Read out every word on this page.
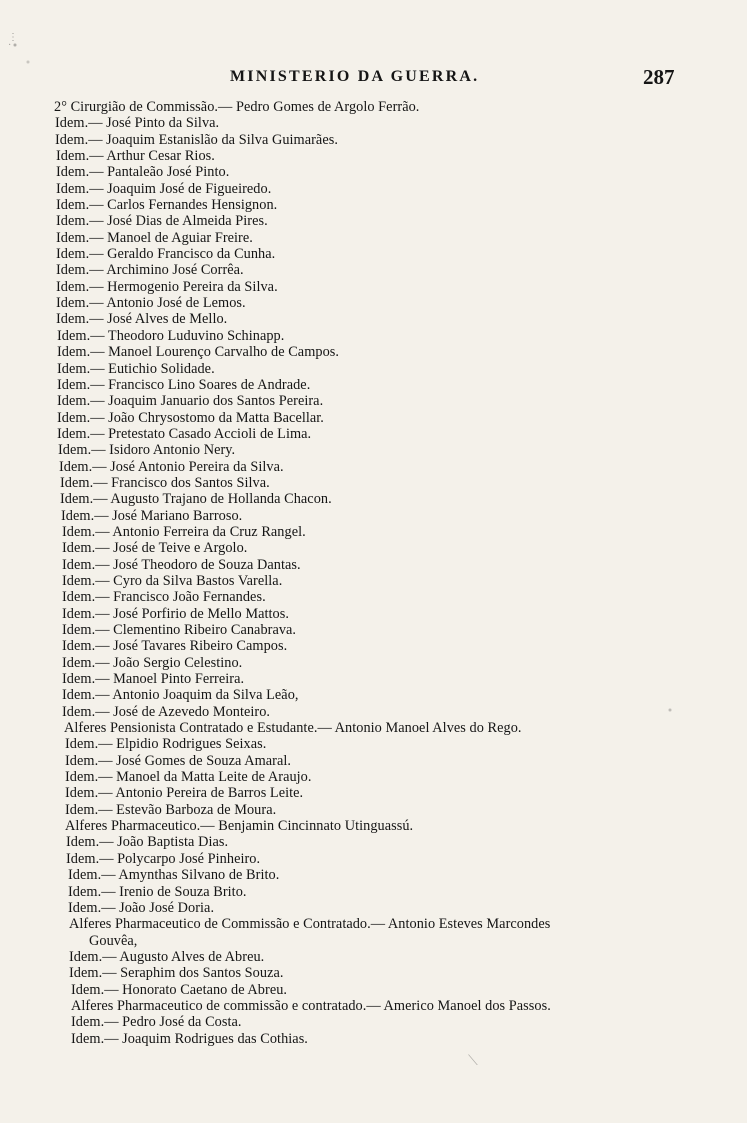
⋮
·
⟍
MINISTERIO DA GUERRA.	287
2° Cirurgião de Commissão.— Pedro Gomes de Argolo Ferrão.
Idem.— José Pinto da Silva.
Idem.— Joaquim Estanislão da Silva Guimarães.
Idem.— Arthur Cesar Rios.
Idem.— Pantaleão José Pinto.
Idem.— Joaquim José de Figueiredo.
Idem.— Carlos Fernandes Hensignon.
Idem.— José Dias de Almeida Pires.
Idem.— Manoel de Aguiar Freire.
Idem.— Geraldo Francisco da Cunha.
Idem.— Archimino José Corrêa.
Idem.— Hermogenio Pereira da Silva.
Idem.— Antonio José de Lemos.
Idem.— José Alves de Mello.
Idem.— Theodoro Luduvino Schinapp.
Idem.— Manoel Lourenço Carvalho de Campos.
Idem.— Eutichio Solidade.
Idem.— Francisco Lino Soares de Andrade.
Idem.— Joaquim Januario dos Santos Pereira.
Idem.— João Chrysostomo da Matta Bacellar.
Idem.— Pretestato Casado Accioli de Lima.
Idem.— Isidoro Antonio Nery.
Idem.— José Antonio Pereira da Silva.
Idem.— Francisco dos Santos Silva.
Idem.— Augusto Trajano de Hollanda Chacon.
Idem.— José Mariano Barroso.
Idem.— Antonio Ferreira da Cruz Rangel.
Idem.— José de Teive e Argolo.
Idem.— José Theodoro de Souza Dantas.
Idem.— Cyro da Silva Bastos Varella.
Idem.— Francisco João Fernandes.
Idem.— José Porfirio de Mello Mattos.
Idem.— Clementino Ribeiro Canabrava.
Idem.— José Tavares Ribeiro Campos.
Idem.— João Sergio Celestino.
Idem.— Manoel Pinto Ferreira.
Idem.— Antonio Joaquim da Silva Leão,
Idem.— José de Azevedo Monteiro.
Alferes Pensionista Contratado e Estudante.— Antonio Manoel Alves do Rego.
Idem.— Elpidio Rodrigues Seixas.
Idem.— José Gomes de Souza Amaral.
Idem.— Manoel da Matta Leite de Araujo.
Idem.— Antonio Pereira de Barros Leite.
Idem.— Estevão Barboza de Moura.
Alferes Pharmaceutico.— Benjamin Cincinnato Utinguassú.
Idem.— João Baptista Dias.
Idem.— Polycarpo José Pinheiro.
Idem.— Amynthas Silvano de Brito.
Idem.— Irenio de Souza Brito.
Idem.— João José Doria.
Alferes Pharmaceutico de Commissão e Contratado.— Antonio Esteves Marcondes
Gouvêa,
Idem.— Augusto Alves de Abreu.
Idem.— Seraphim dos Santos Souza.
Idem.— Honorato Caetano de Abreu.
Alferes Pharmaceutico de commissão e contratado.— Americo Manoel dos Passos.
Idem.— Pedro José da Costa.
Idem.— Joaquim Rodrigues das Cothias.
